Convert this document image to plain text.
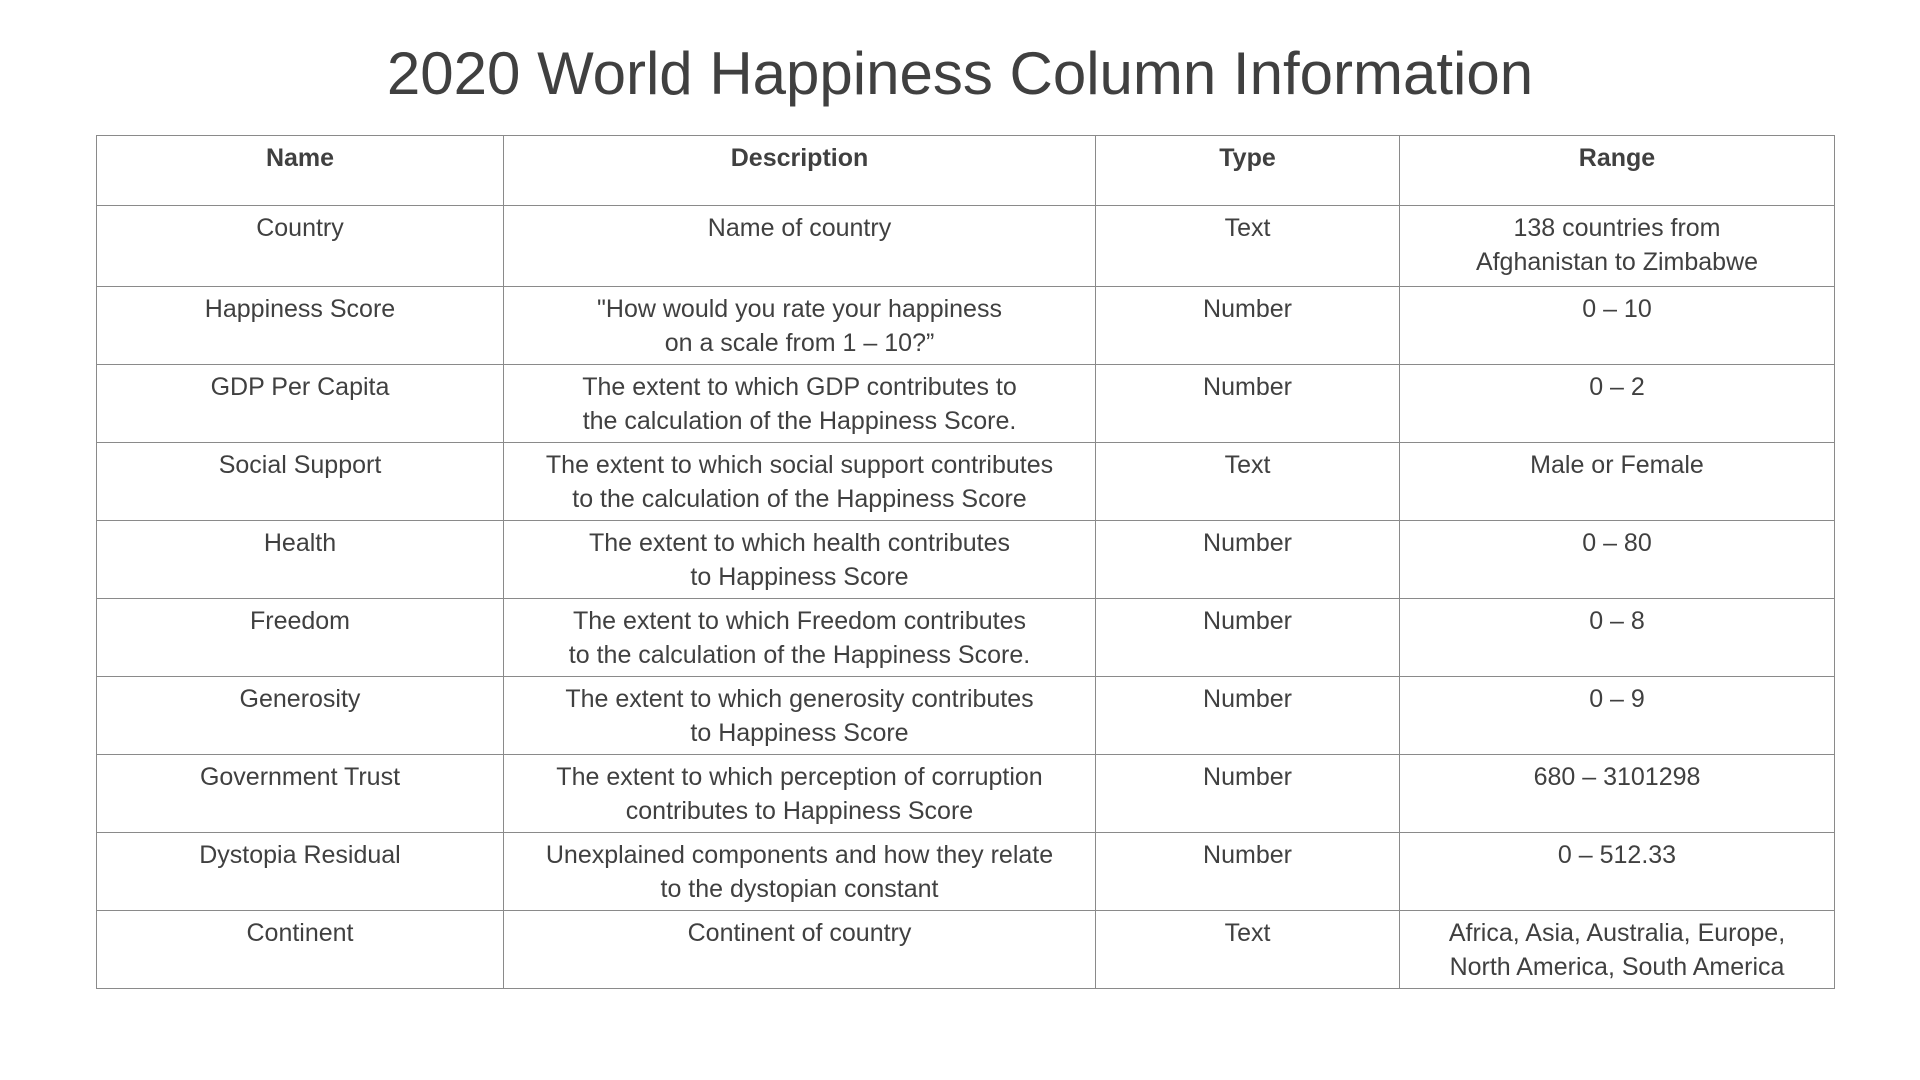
2020 World Happiness Column Information
Name	Description	Type	Range
Country	Name of country	Text	138 countries from
Afghanistan to Zimbabwe
Happiness Score	"How would you rate your happiness
on a scale from 1 – 10?”	Number	0 – 10
GDP Per Capita	The extent to which GDP contributes to
the calculation of the Happiness Score.	Number	0 – 2
Social Support	The extent to which social support contributes
to the calculation of the Happiness Score	Text	Male or Female
Health	The extent to which health contributes
to Happiness Score	Number	0 – 80
Freedom	The extent to which Freedom contributes
to the calculation of the Happiness Score.	Number	0 – 8
Generosity	The extent to which generosity contributes
to Happiness Score	Number	0 – 9
Government Trust	The extent to which perception of corruption
contributes to Happiness Score	Number	680 – 3101298
Dystopia Residual	Unexplained components and how they relate
to the dystopian constant	Number	0 – 512.33
Continent	Continent of country	Text	Africa, Asia, Australia, Europe,
North America, South America
